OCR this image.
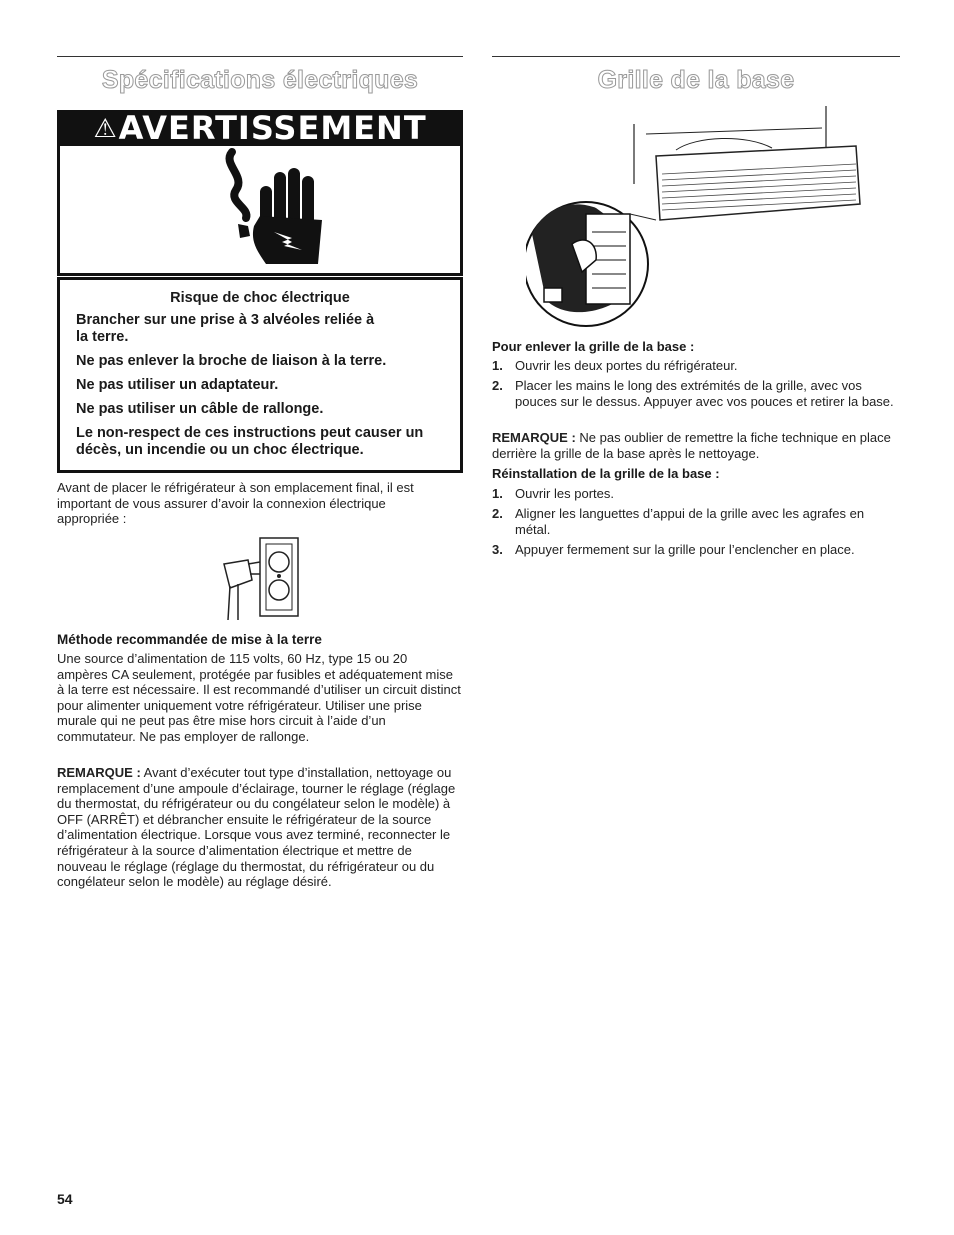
Spécifications électriques
⚠ AVERTISSEMENT

Risque de choc électrique

Brancher sur une prise à 3 alvéoles reliée à la terre.

Ne pas enlever la broche de liaison à la terre.

Ne pas utiliser un adaptateur.

Ne pas utiliser un câble de rallonge.

Le non-respect de ces instructions peut causer un décès, un incendie ou un choc électrique.

Avant de placer le réfrigérateur à son emplacement final, il est important de vous assurer d’avoir la connexion électrique appropriée :

Méthode recommandée de mise à la terre

Une source d’alimentation de 115 volts, 60 Hz, type 15 ou 20 ampères CA seulement, protégée par fusibles et adéquatement mise à la terre est nécessaire. Il est recommandé d’utiliser un circuit distinct pour alimenter uniquement votre réfrigérateur. Utiliser une prise murale qui ne peut pas être mise hors circuit à l’aide d’un commutateur. Ne pas employer de rallonge.

REMARQUE : Avant d’exécuter tout type d’installation, nettoyage ou remplacement d’une ampoule d’éclairage, tourner le réglage (réglage du thermostat, du réfrigérateur ou du congélateur selon le modèle) à OFF (ARRÊT) et débrancher ensuite le réfrigérateur de la source d’alimentation électrique. Lorsque vous avez terminé, reconnecter le réfrigérateur à la source d’alimentation électrique et mettre de nouveau le réglage (réglage du thermostat, du réfrigérateur ou du congélateur selon le modèle) au réglage désiré.

Grille de la base

Pour enlever la grille de la base :

1. Ouvrir les deux portes du réfrigérateur.
2. Placer les mains le long des extrémités de la grille, avec vos pouces sur le dessus. Appuyer avec vos pouces et retirer la base.

REMARQUE : Ne pas oublier de remettre la fiche technique en place derrière la grille de la base après le nettoyage.

Réinstallation de la grille de la base :

1. Ouvrir les portes.
2. Aligner les languettes d’appui de la grille avec les agrafes en métal.
3. Appuyer fermement sur la grille pour l’enclencher en place.
54
